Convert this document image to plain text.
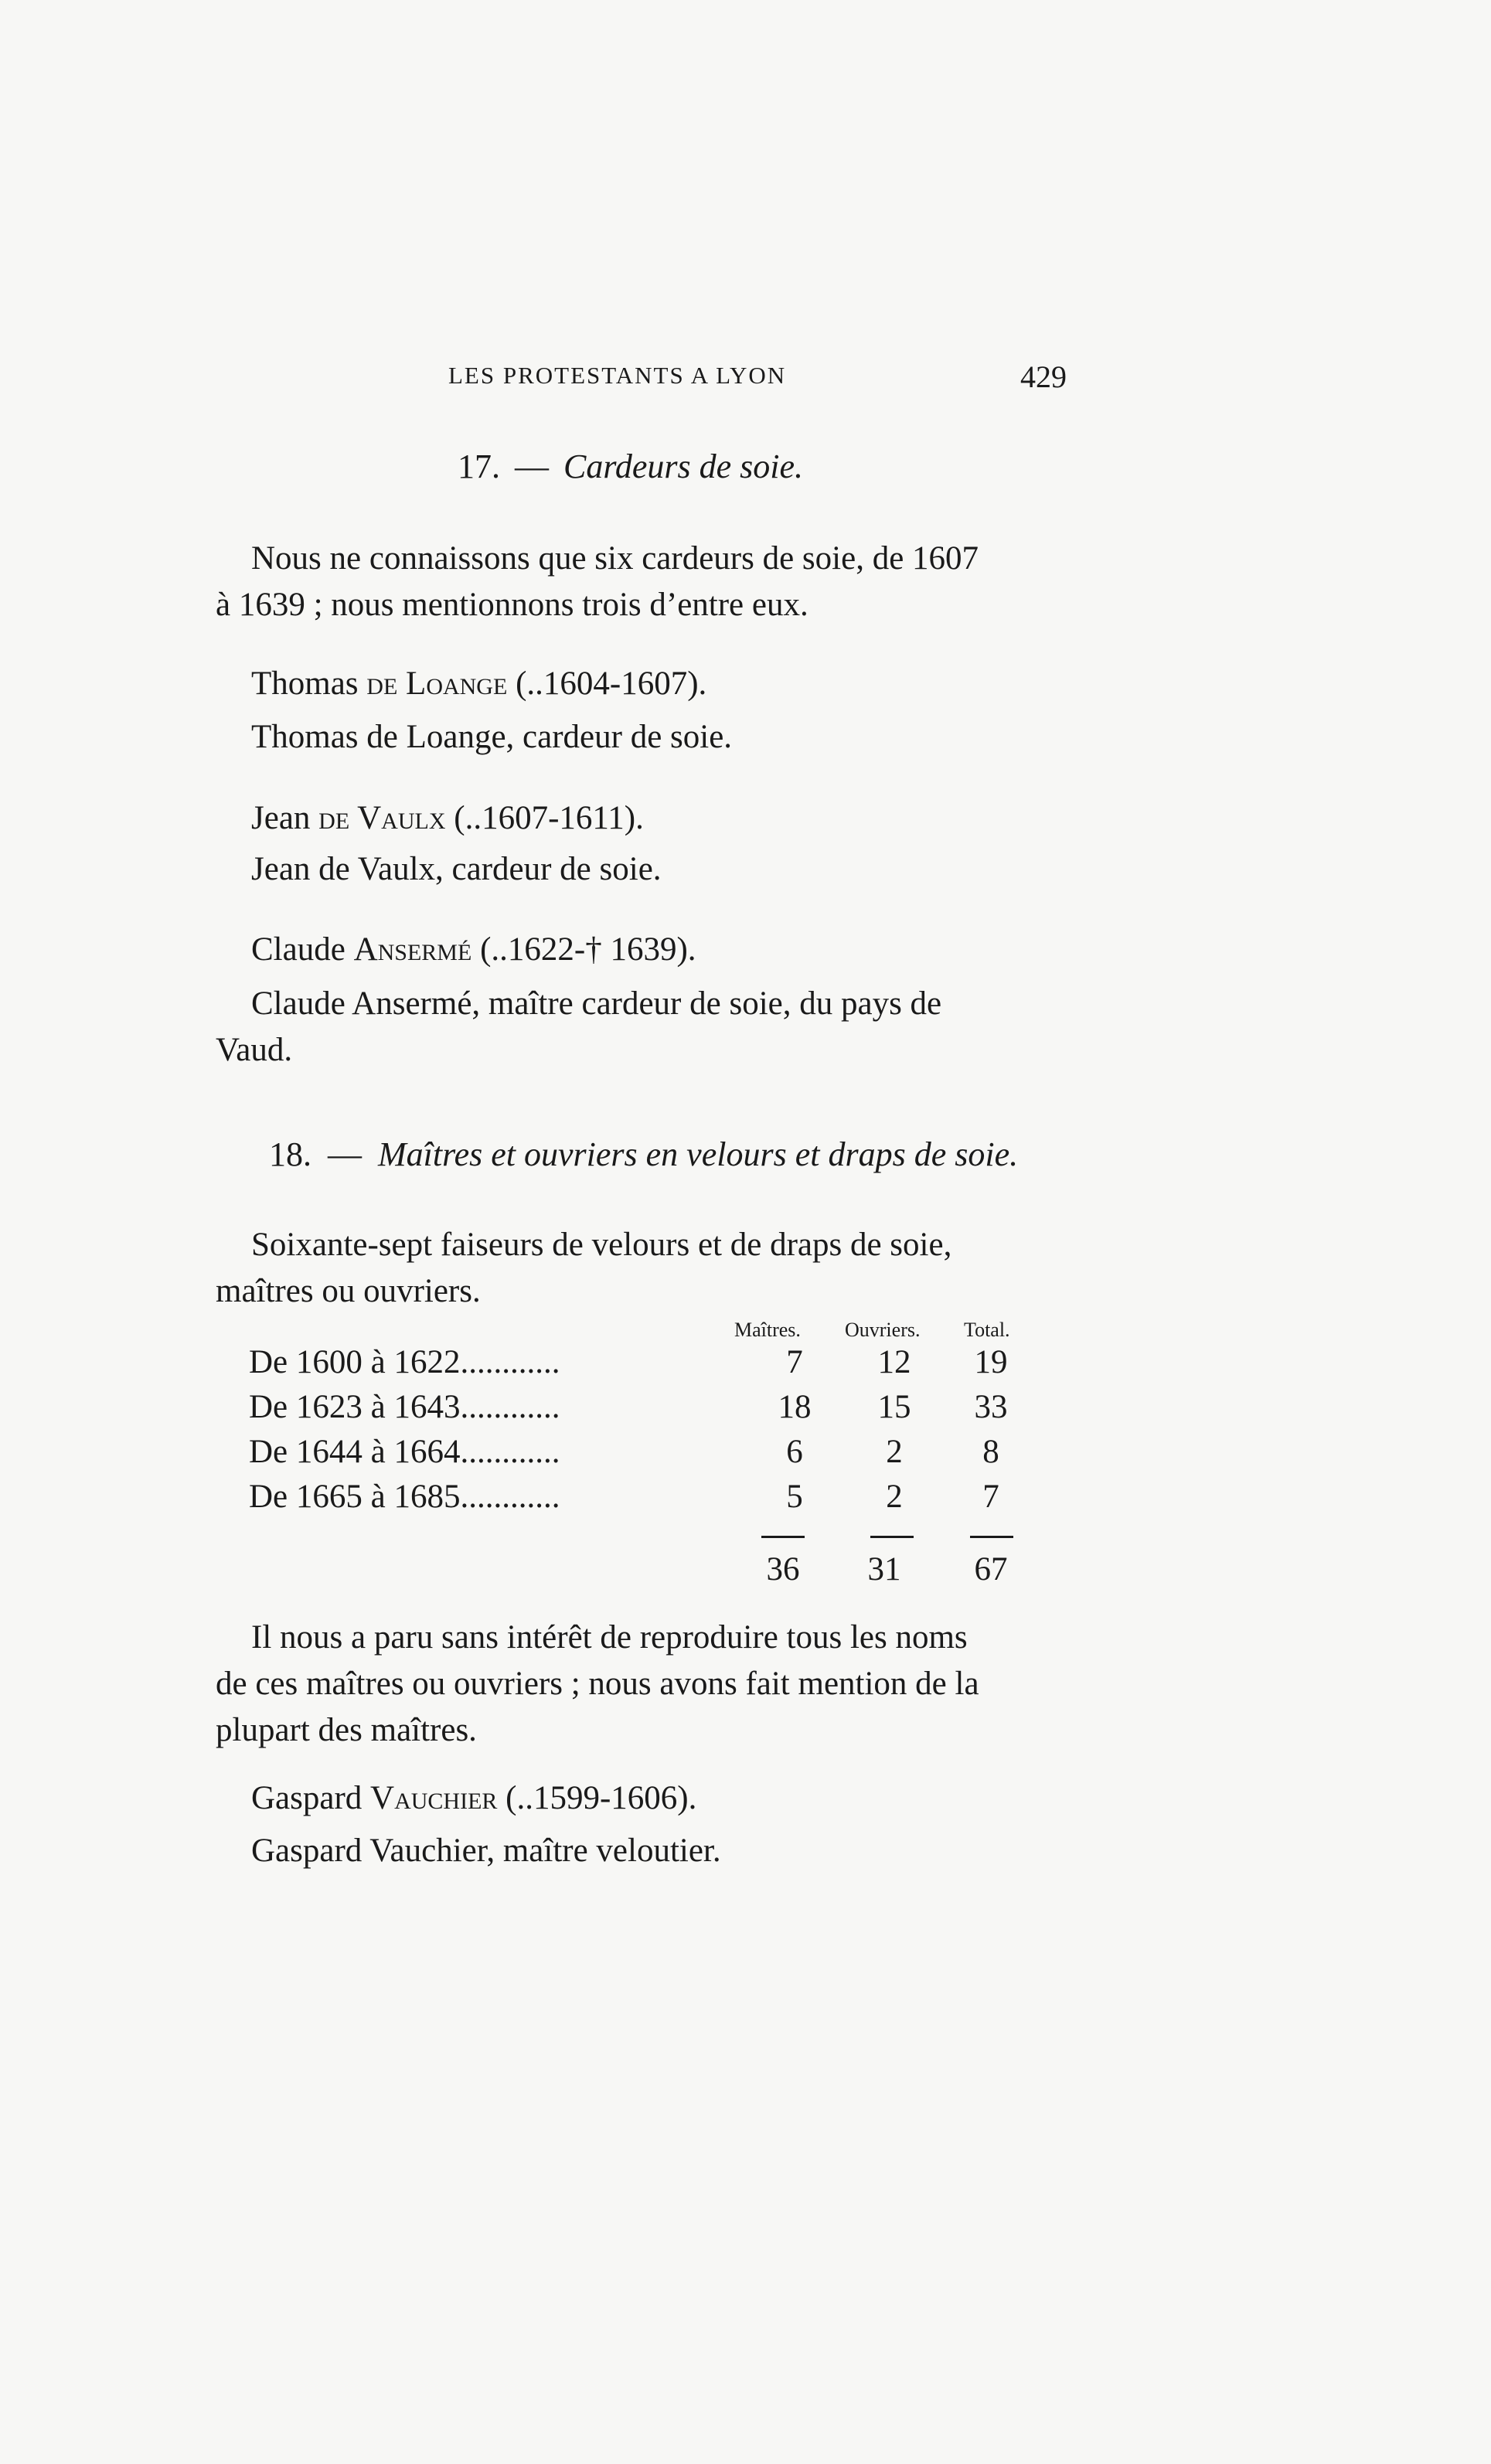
LES PROTESTANTS A LYON	429
17. — Cardeurs de soie.
Nous ne connaissons que six cardeurs de soie, de 1607
à 1639 ; nous mentionnons trois d’entre eux.
Thomas de Loange (..1604-1607).
Thomas de Loange, cardeur de soie.
Jean de Vaulx (..1607-1611).
Jean de Vaulx, cardeur de soie.
Claude Ansermé (..1622-† 1639).
Claude Ansermé, maître cardeur de soie, du pays de
Vaud.
18. — Maîtres et ouvriers en velours et draps de soie.
Soixante-sept faiseurs de velours et de draps de soie,
maîtres ou ouvriers.
Maîtres. Ouvriers. Total.
De 1600 à 1622............	7	12	19
De 1623 à 1643............	18	15	33
De 1644 à 1664............	6	2	8
De 1665 à 1685............	5	2	7
36	31	67
Il nous a paru sans intérêt de reproduire tous les noms
de ces maîtres ou ouvriers ; nous avons fait mention de la
plupart des maîtres.
Gaspard Vauchier (..1599-1606).
Gaspard Vauchier, maître veloutier.
